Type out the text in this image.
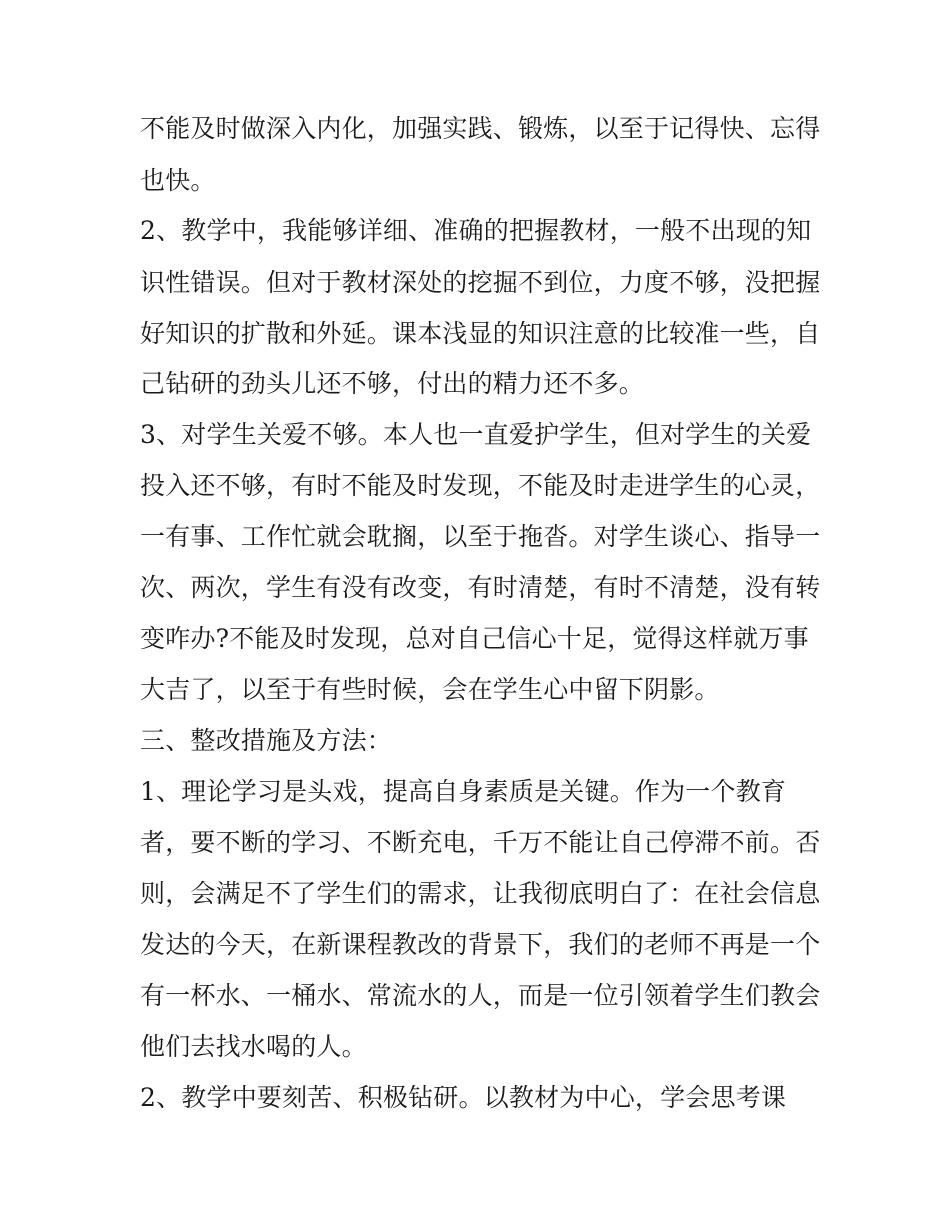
不能及时做深入内化，加强实践、锻炼，以至于记得快、忘得
也快。
2、教学中，我能够详细、准确的把握教材，一般不出现的知
识性错误。但对于教材深处的挖掘不到位，力度不够，没把握
好知识的扩散和外延。课本浅显的知识注意的比较准一些，自
己钻研的劲头儿还不够，付出的精力还不多。
3、对学生关爱不够。本人也一直爱护学生，但对学生的关爱
投入还不够，有时不能及时发现，不能及时走进学生的心灵，
一有事、工作忙就会耽搁，以至于拖沓。对学生谈心、指导一
次、两次，学生有没有改变，有时清楚，有时不清楚，没有转
变咋办?不能及时发现，总对自己信心十足，觉得这样就万事
大吉了，以至于有些时候，会在学生心中留下阴影。
三、整改措施及方法：
1、理论学习是头戏，提高自身素质是关键。作为一个教育
者，要不断的学习、不断充电，千万不能让自己停滞不前。否
则，会满足不了学生们的需求，让我彻底明白了：在社会信息
发达的今天，在新课程教改的背景下，我们的老师不再是一个
有一杯水、一桶水、常流水的人，而是一位引领着学生们教会
他们去找水喝的人。
2、教学中要刻苦、积极钻研。以教材为中心，学会思考课
